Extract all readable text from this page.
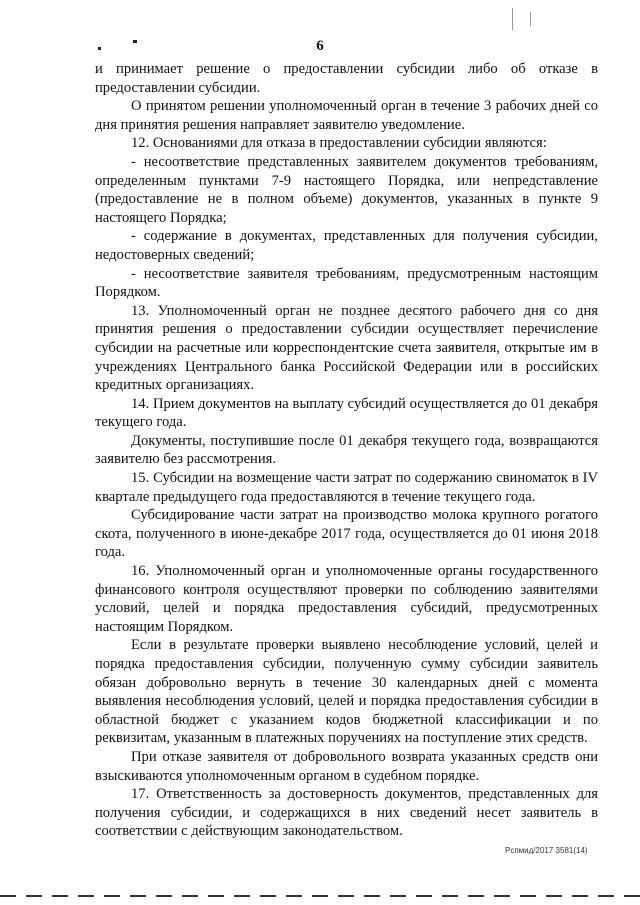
6

и принимает решение о предоставлении субсидии либо об отказе в предоставлении субсидии.

О принятом решении уполномоченный орган в течение 3 рабочих дней со дня принятия решения направляет заявителю уведомление.

12. Основаниями для отказа в предоставлении субсидии являются:

- несоответствие представленных заявителем документов требованиям, определенным пунктами 7-9 настоящего Порядка, или непредставление (предоставление не в полном объеме) документов, указанных в пункте 9 настоящего Порядка;

- содержание в документах, представленных для получения субсидии, недостоверных сведений;

- несоответствие заявителя требованиям, предусмотренным настоящим Порядком.

13. Уполномоченный орган не позднее десятого рабочего дня со дня принятия решения о предоставлении субсидии осуществляет перечисление субсидии на расчетные или корреспондентские счета заявителя, открытые им в учреждениях Центрального банка Российской Федерации или в российских кредитных организациях.

14. Прием документов на выплату субсидий осуществляется до 01 декабря текущего года.

Документы, поступившие после 01 декабря текущего года, возвращаются заявителю без рассмотрения.

15. Субсидии на возмещение части затрат по содержанию свиноматок в IV квартале предыдущего года предоставляются в течение текущего года.

Субсидирование части затрат на производство молока крупного рогатого скота, полученного в июне-декабре 2017 года, осуществляется до 01 июня 2018 года.

16. Уполномоченный орган и уполномоченные органы государственного финансового контроля осуществляют проверки по соблюдению заявителями условий, целей и порядка предоставления субсидий, предусмотренных настоящим Порядком.

Если в результате проверки выявлено несоблюдение условий, целей и порядка предоставления субсидии, полученную сумму субсидии заявитель обязан добровольно вернуть в течение 30 календарных дней с момента выявления несоблюдения условий, целей и порядка предоставления субсидии в областной бюджет с указанием кодов бюджетной классификации и по реквизитам, указанным в платежных поручениях на поступление этих средств.

При отказе заявителя от добровольного возврата указанных средств они взыскиваются уполномоченным органом в судебном порядке.

17. Ответственность за достоверность документов, представленных для получения субсидии, и содержащихся в них сведений несет заявитель в соответствии с действующим законодательством.

Рспмид/2017 3581(14)
